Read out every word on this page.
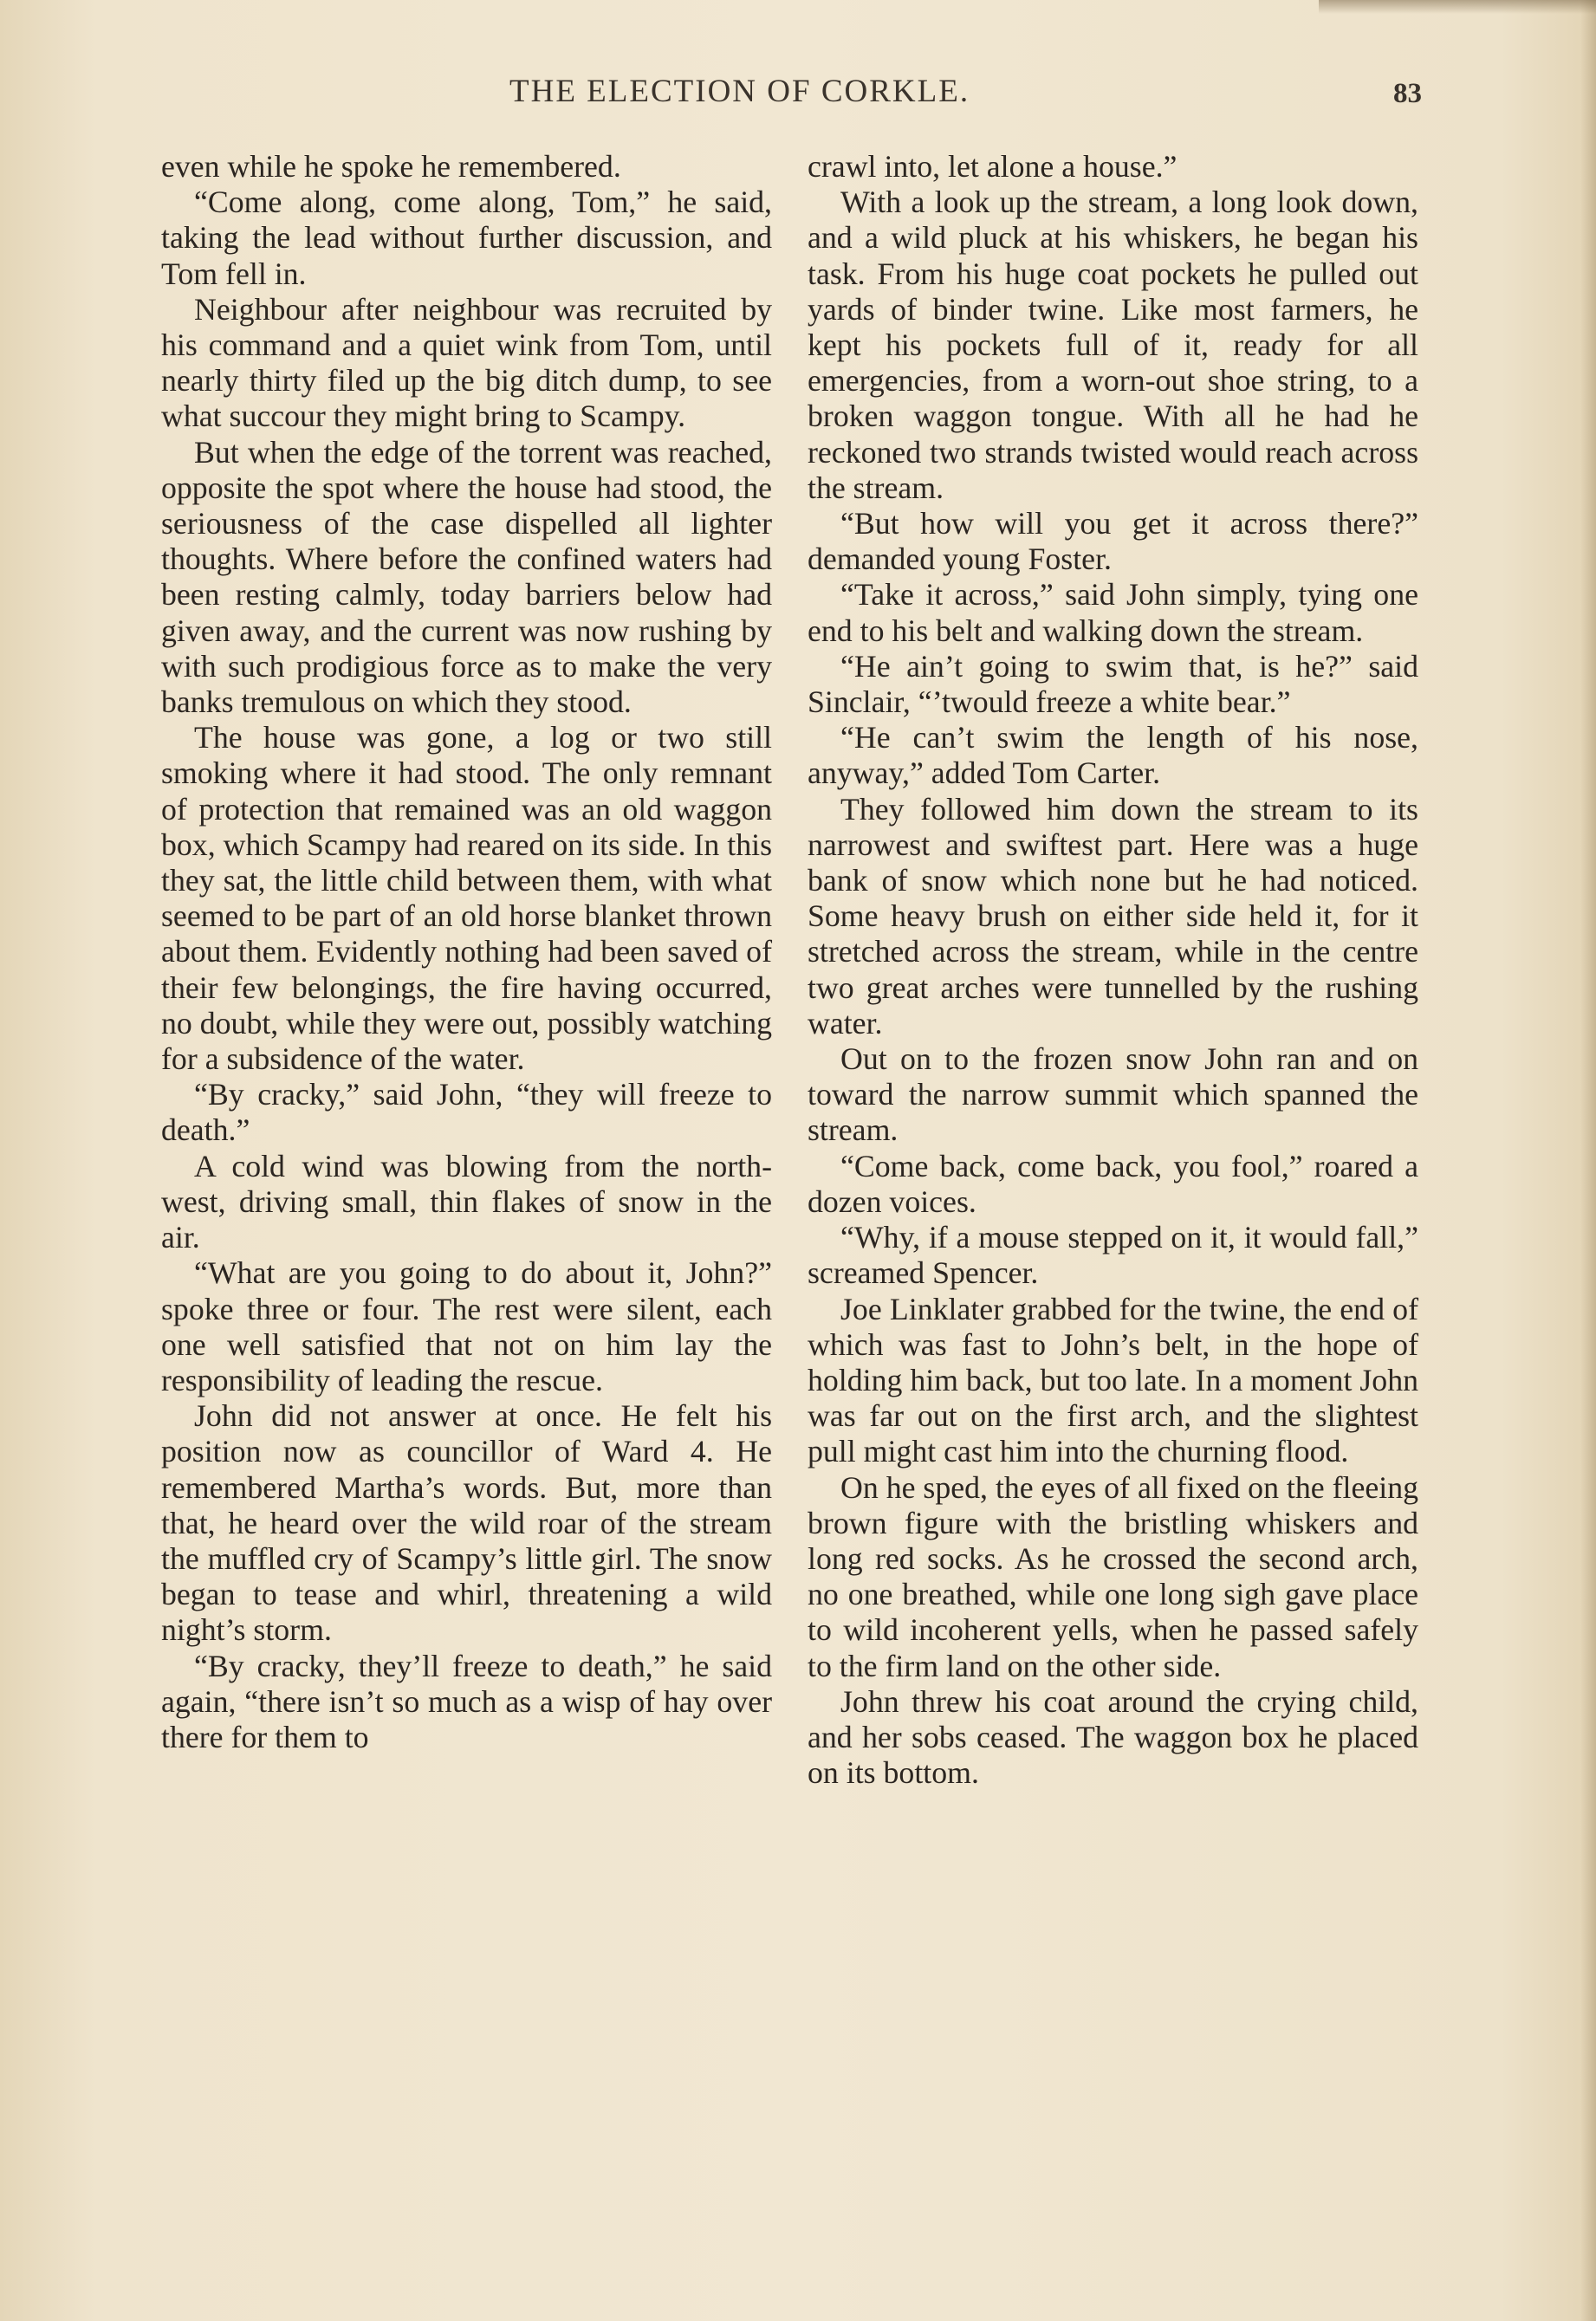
THE ELECTION OF CORKLE.	83

even while he spoke he remembered.

“Come along, come along, Tom,” he said, taking the lead without further discussion, and Tom fell in.

Neighbour after neighbour was recruited by his command and a quiet wink from Tom, until nearly thirty filed up the big ditch dump, to see what succour they might bring to Scampy.

But when the edge of the torrent was reached, opposite the spot where the house had stood, the seriousness of the case dispelled all lighter thoughts. Where before the confined waters had been resting calmly, today barriers below had given away, and the current was now rushing by with such prodigious force as to make the very banks tremulous on which they stood.

The house was gone, a log or two still smoking where it had stood. The only remnant of protection that remained was an old waggon box, which Scampy had reared on its side. In this they sat, the little child between them, with what seemed to be part of an old horse blanket thrown about them. Evidently nothing had been saved of their few belongings, the fire having occurred, no doubt, while they were out, possibly watching for a subsidence of the water.

“By cracky,” said John, “they will freeze to death.”

A cold wind was blowing from the north-west, driving small, thin flakes of snow in the air.

“What are you going to do about it, John?” spoke three or four. The rest were silent, each one well satisfied that not on him lay the responsibility of leading the rescue.

John did not answer at once. He felt his position now as councillor of Ward 4. He remembered Martha’s words. But, more than that, he heard over the wild roar of the stream the muffled cry of Scampy’s little girl. The snow began to tease and whirl, threatening a wild night’s storm.

“By cracky, they’ll freeze to death,” he said again, “there isn’t so much as a wisp of hay over there for them to

crawl into, let alone a house.”

With a look up the stream, a long look down, and a wild pluck at his whiskers, he began his task. From his huge coat pockets he pulled out yards of binder twine. Like most farmers, he kept his pockets full of it, ready for all emergencies, from a worn-out shoe string, to a broken waggon tongue. With all he had he reckoned two strands twisted would reach across the stream.

“But how will you get it across there?” demanded young Foster.

“Take it across,” said John simply, tying one end to his belt and walking down the stream.

“He ain’t going to swim that, is he?” said Sinclair, “’twould freeze a white bear.”

“He can’t swim the length of his nose, anyway,” added Tom Carter.

They followed him down the stream to its narrowest and swiftest part. Here was a huge bank of snow which none but he had noticed. Some heavy brush on either side held it, for it stretched across the stream, while in the centre two great arches were tunnelled by the rushing water.

Out on to the frozen snow John ran and on toward the narrow summit which spanned the stream.

“Come back, come back, you fool,” roared a dozen voices.

“Why, if a mouse stepped on it, it would fall,” screamed Spencer.

Joe Linklater grabbed for the twine, the end of which was fast to John’s belt, in the hope of holding him back, but too late. In a moment John was far out on the first arch, and the slightest pull might cast him into the churning flood.

On he sped, the eyes of all fixed on the fleeing brown figure with the bristling whiskers and long red socks. As he crossed the second arch, no one breathed, while one long sigh gave place to wild incoherent yells, when he passed safely to the firm land on the other side.

John threw his coat around the crying child, and her sobs ceased. The waggon box he placed on its bottom.
